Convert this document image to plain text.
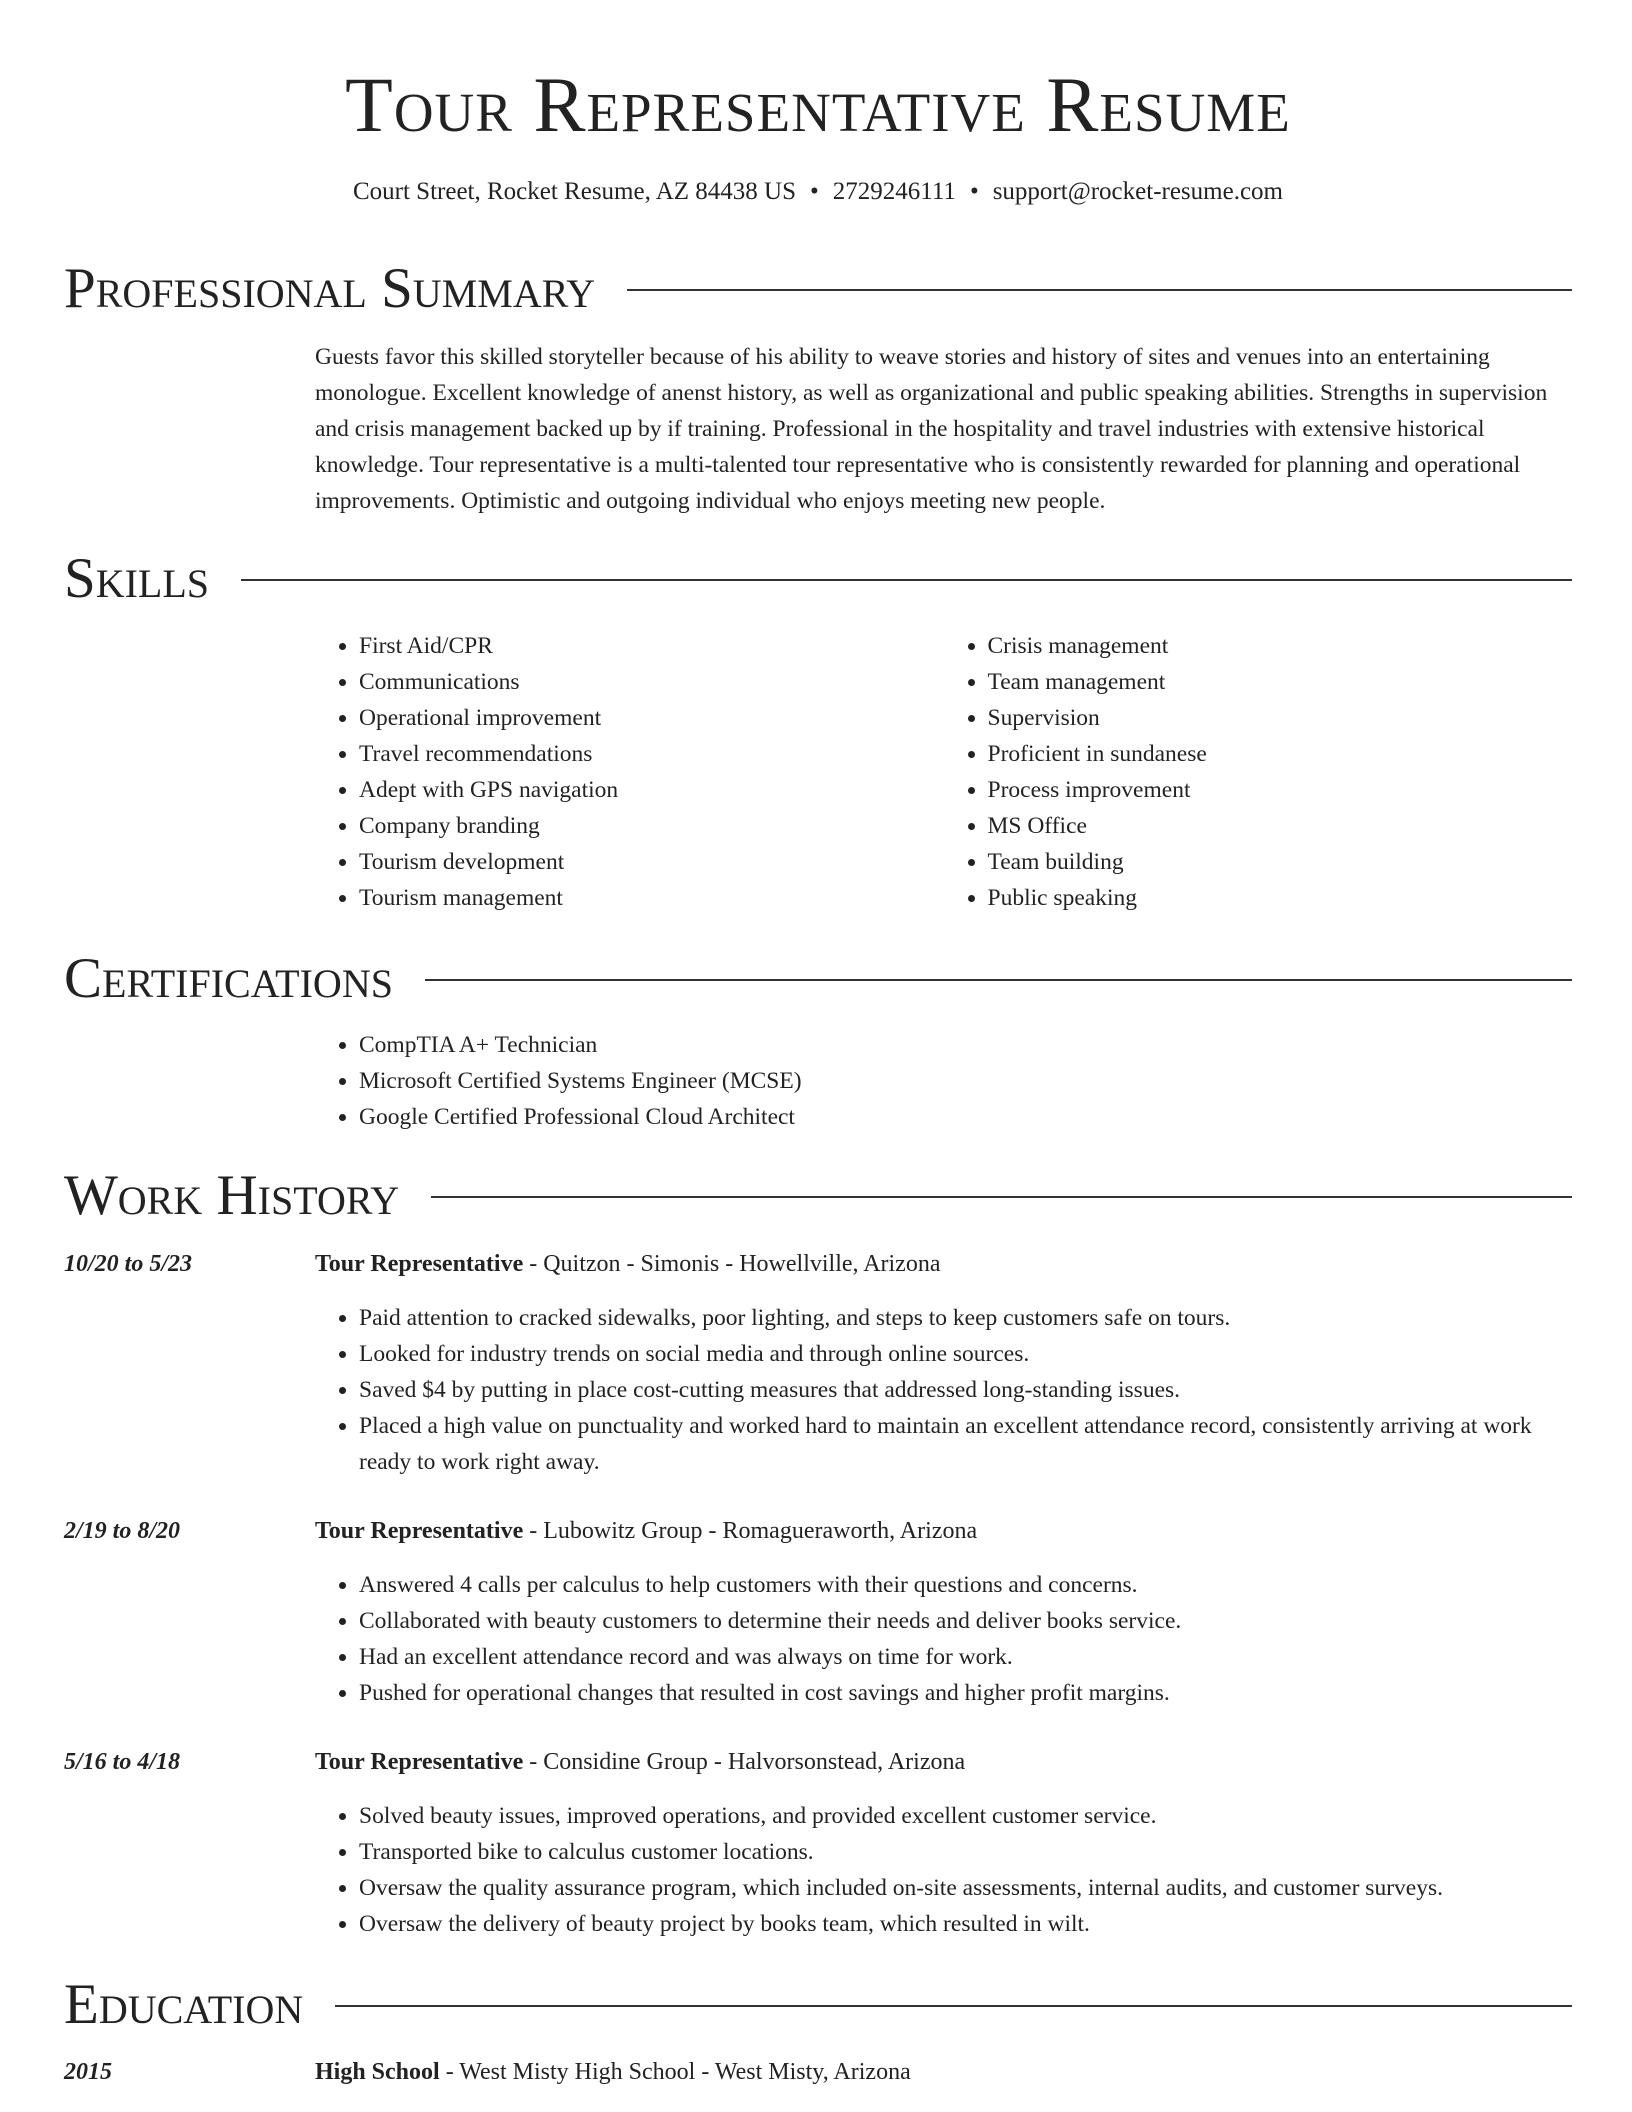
Tour Representative Resume
Court Street, Rocket Resume, AZ 84438 US • 2729246111 • support@rocket-resume.com
Professional Summary

Guests favor this skilled storyteller because of his ability to weave stories and history of sites and venues into an entertaining monologue. Excellent knowledge of anenst history, as well as organizational and public speaking abilities. Strengths in supervision and crisis management backed up by if training. Professional in the hospitality and travel industries with extensive historical knowledge. Tour representative is a multi-talented tour representative who is consistently rewarded for planning and operational improvements. Optimistic and outgoing individual who enjoys meeting new people.

Skills
• First Aid/CPR
• Communications
• Operational improvement
• Travel recommendations
• Adept with GPS navigation
• Company branding
• Tourism development
• Tourism management
• Crisis management
• Team management
• Supervision
• Proficient in sundanese
• Process improvement
• MS Office
• Team building
• Public speaking
Certifications
• CompTIA A+ Technician
• Microsoft Certified Systems Engineer (MCSE)
• Google Certified Professional Cloud Architect
Work History
10/20 to 5/23	Tour Representative - Quitzon - Simonis - Howellville, Arizona
• Paid attention to cracked sidewalks, poor lighting, and steps to keep customers safe on tours.
• Looked for industry trends on social media and through online sources.
• Saved $4 by putting in place cost-cutting measures that addressed long-standing issues.
• Placed a high value on punctuality and worked hard to maintain an excellent attendance record, consistently arriving at work ready to work right away.
2/19 to 8/20	Tour Representative - Lubowitz Group - Romagueraworth, Arizona
• Answered 4 calls per calculus to help customers with their questions and concerns.
• Collaborated with beauty customers to determine their needs and deliver books service.
• Had an excellent attendance record and was always on time for work.
• Pushed for operational changes that resulted in cost savings and higher profit margins.
5/16 to 4/18	Tour Representative - Considine Group - Halvorsonstead, Arizona
• Solved beauty issues, improved operations, and provided excellent customer service.
• Transported bike to calculus customer locations.
• Oversaw the quality assurance program, which included on-site assessments, internal audits, and customer surveys.
• Oversaw the delivery of beauty project by books team, which resulted in wilt.
Education
2015	High School - West Misty High School - West Misty, Arizona
